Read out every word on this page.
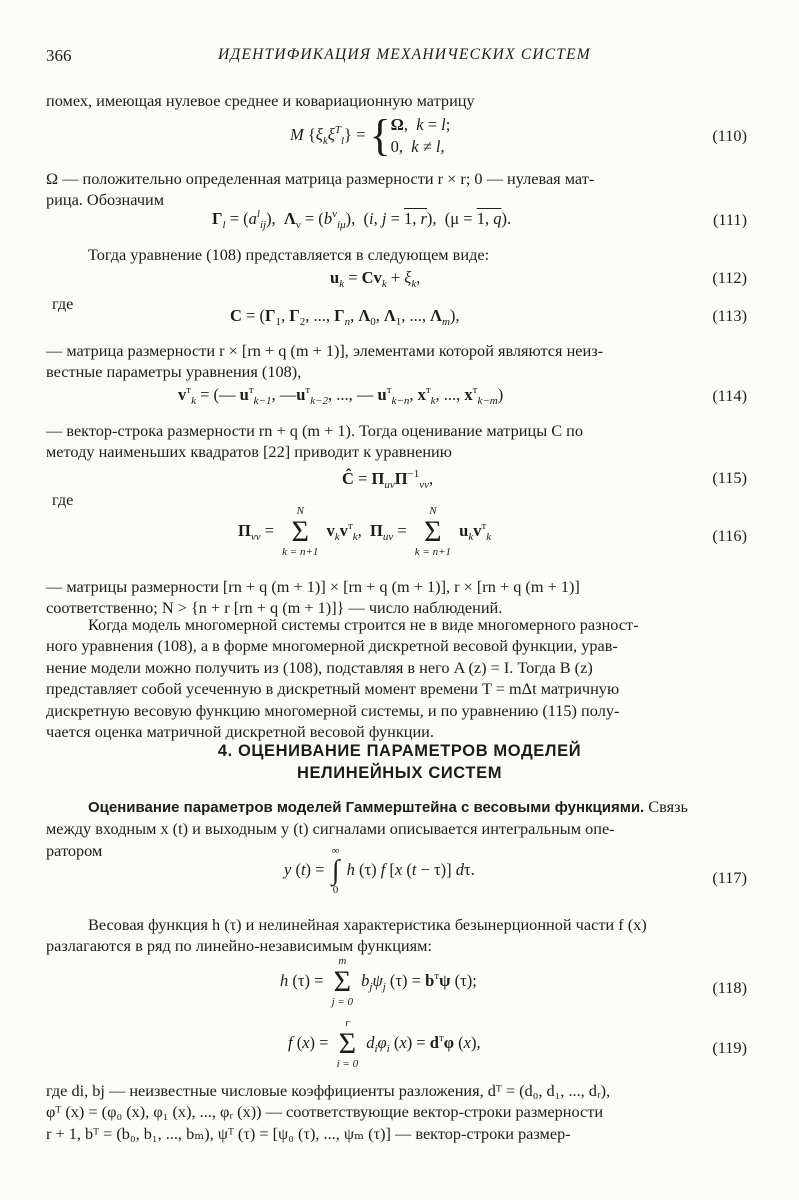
366	ИДЕНТИФИКАЦИЯ МЕХАНИЧЕСКИХ СИСТЕМ
помех, имеющая нулевое среднее и ковариационную матрицу
M $\{\xi_k\xi^T_l\} = \{\Omega$,  k = l;
0,  k ≠ l,
(110)
Ω — положительно определенная матрица размерности r × r; 0 — нулевая мат-
рица. Обозначим
$\Gamma_l = (a^l_{ij})$,  $\Lambda_\nu = (b^\nu_{i\mu})$,  (i, j = 1, r),  (μ = 1, q).	(111)
Тогда уравнение (108) представляется в следующем виде:
$u_k = Cv_k + \xi_k$,	(112)
где
$C = (\Gamma_1$, $\Gamma_2$, ..., $\Gamma_n$, $\Lambda_0$, $\Lambda_1$, ..., $\Lambda_m$),	(113)
— матрица размерности r × [rn + q (m + 1)], элементами которой являются неиз-
вестные параметры уравнения (108),
$v^т_k$ = (— $u^т_{k-1}$, $—u^т_{k-2}$, ..., — $u^т_{k-n}$, $x^т_k$, ..., $x^т_{k-m}$)	(114)
— вектор-строка размерности rn + q (m + 1). Тогда оценивание матрицы C по
методу наименьших квадратов [22] приводит к уравнению
Ĉ = $\Pi_{uv}\Pi^{-1}_{vv}$,	(115)
где
$\Pi_{vv}$ =
N
Σ
k = n+1
$v_kv^т_k$,  $\Pi_{uv}$ =
N
Σ
k = n+1
$u_kv^т_k$	(116)
— матрицы размерности [rn + q (m + 1)] × [rn + q (m + 1)], r × [rn + q (m + 1)]
соответственно; N > {n + r [rn + q (m + 1)]} — число наблюдений.
Когда модель многомерной системы строится не в виде многомерного разност-
ного уравнения (108), а в форме многомерной дискретной весовой функции, урав-
нение модели можно получить из (108), подставляя в него A (z) = I. Тогда B (z)
представляет собой усеченную в дискретный момент времени T = mΔt матричную
дискретную весовую функцию многомерной системы, и по уравнению (115) полу-
чается оценка матричной дискретной весовой функции.
4. ОЦЕНИВАНИЕ ПАРАМЕТРОВ МОДЕЛЕЙ
НЕЛИНЕЙНЫХ СИСТЕМ
Оценивание параметров моделей Гаммерштейна с весовыми функциями. Связь
между входным x (t) и выходным y (t) сигналами описывается интегральным опе-
ратором
y (t) =
∞
∫
0
h (τ) f [x (t − τ)] dτ.	(117)
Весовая функция h (τ) и нелинейная характеристика безынерционной части f (x)
разлагаются в ряд по линейно-независимым функциям:
h (τ) =
m
Σ
j = 0
$b_j\psi_j$ $(\tau) = b^т\psi$ (τ);	(118)
f (x) =
r
Σ
i = 0
$d_i\varphi_i$ $(x) = d^т\varphi$ (x),	(119)
где di, bj — неизвестные числовые коэффициенты разложения, dᵀ = (d₀, d₁, ..., dᵣ),
φᵀ (x) = (φ₀ (x), φ₁ (x), ..., φᵣ (x)) — соответствующие вектор-строки размерности
r + 1, bᵀ = (b₀, b₁, ..., bₘ), ψᵀ (τ) = [ψ₀ (τ), ..., ψₘ (τ)] — вектор-строки размер-
